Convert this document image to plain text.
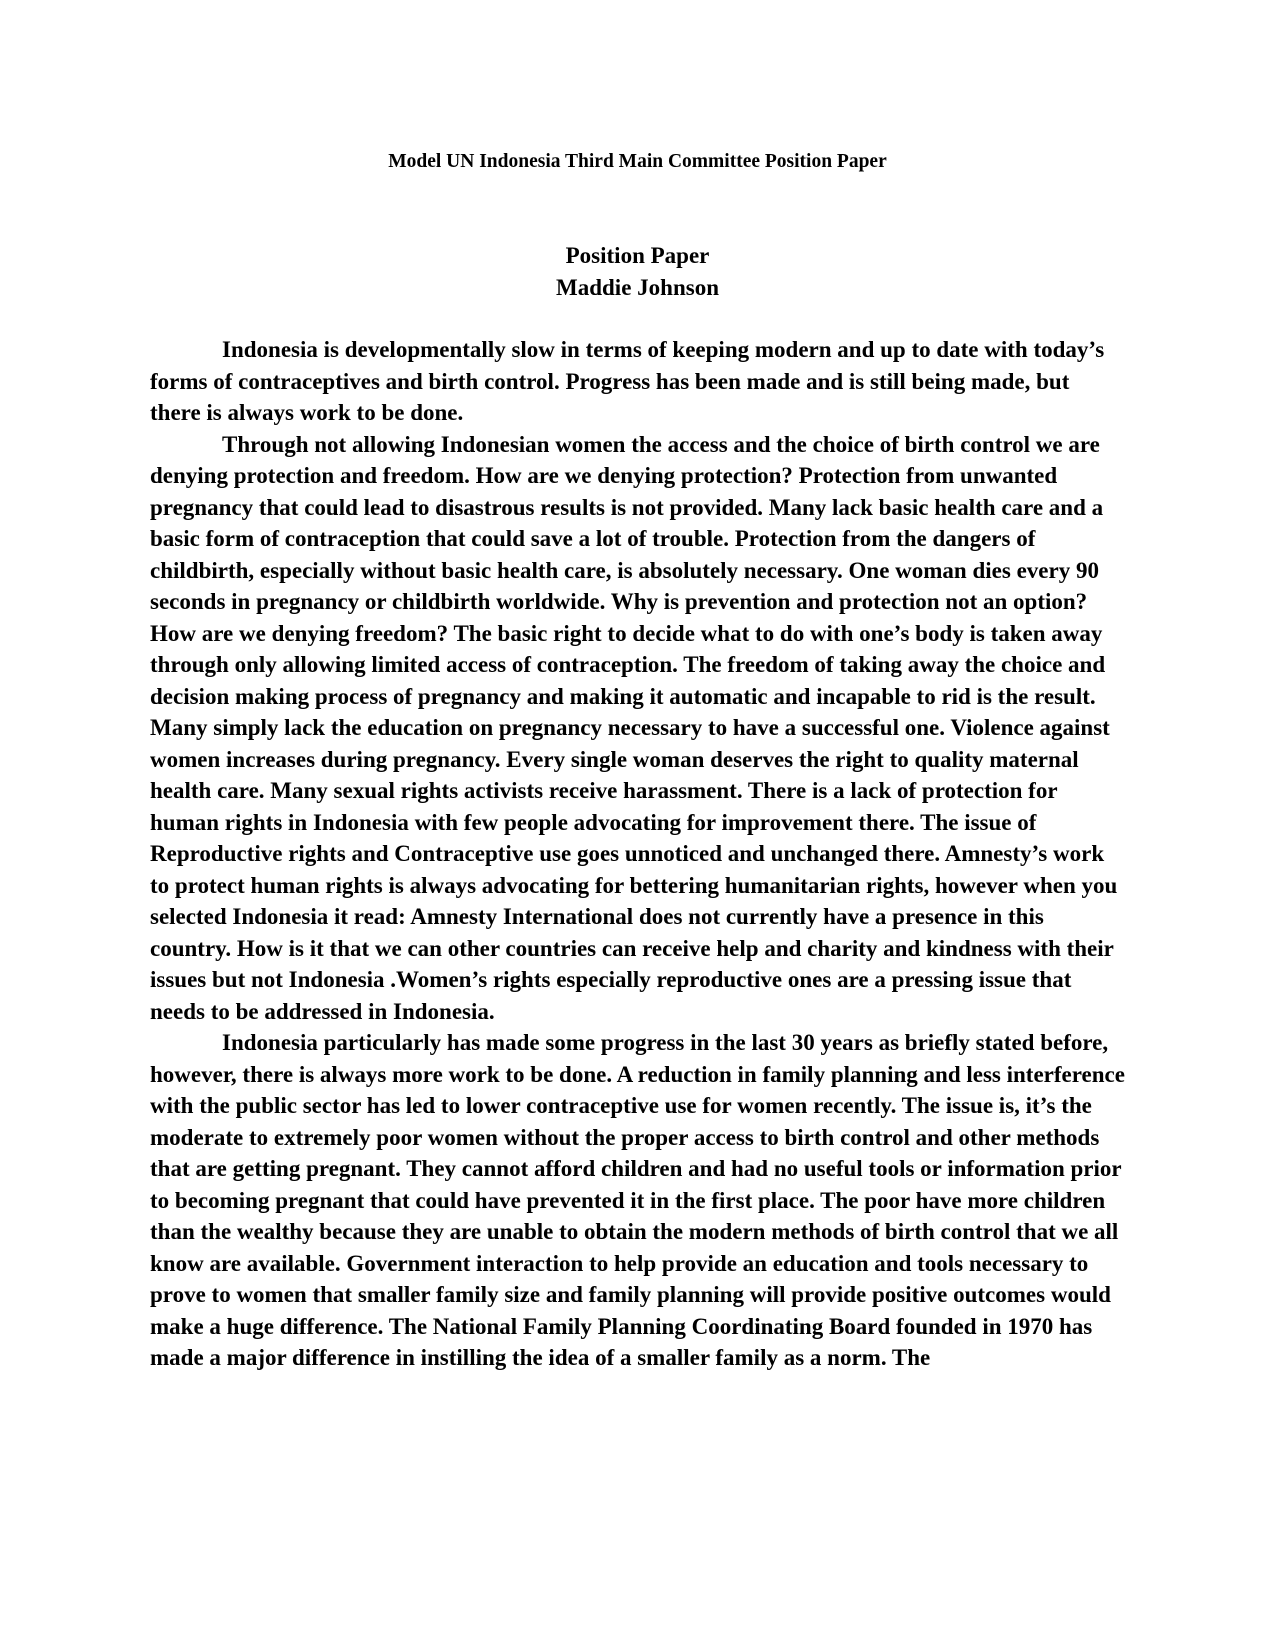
Model UN Indonesia Third Main Committee Position Paper
Position Paper
Maddie Johnson

Indonesia is developmentally slow in terms of keeping modern and up to date with today’s forms of contraceptives and birth control. Progress has been made and is still being made, but there is always work to be done.

Through not allowing Indonesian women the access and the choice of birth control we are denying protection and freedom. How are we denying protection? Protection from unwanted pregnancy that could lead to disastrous results is not provided. Many lack basic health care and a basic form of contraception that could save a lot of trouble. Protection from the dangers of childbirth, especially without basic health care, is absolutely necessary. One woman dies every 90 seconds in pregnancy or childbirth worldwide. Why is prevention and protection not an option? How are we denying freedom? The basic right to decide what to do with one’s body is taken away through only allowing limited access of contraception. The freedom of taking away the choice and decision making process of pregnancy and making it automatic and incapable to rid is the result. Many simply lack the education on pregnancy necessary to have a successful one. Violence against women increases during pregnancy. Every single woman deserves the right to quality maternal health care. Many sexual rights activists receive harassment. There is a lack of protection for human rights in Indonesia with few people advocating for improvement there. The issue of Reproductive rights and Contraceptive use goes unnoticed and unchanged there. Amnesty’s work to protect human rights is always advocating for bettering humanitarian rights, however when you selected Indonesia it read: Amnesty International does not currently have a presence in this country. How is it that we can other countries can receive help and charity and kindness with their issues but not Indonesia .Women’s rights especially reproductive ones are a pressing issue that needs to be addressed in Indonesia.

Indonesia particularly has made some progress in the last 30 years as briefly stated before, however, there is always more work to be done. A reduction in family planning and less interference with the public sector has led to lower contraceptive use for women recently. The issue is, it’s the moderate to extremely poor women without the proper access to birth control and other methods that are getting pregnant. They cannot afford children and had no useful tools or information prior to becoming pregnant that could have prevented it in the first place. The poor have more children than the wealthy because they are unable to obtain the modern methods of birth control that we all know are available. Government interaction to help provide an education and tools necessary to prove to women that smaller family size and family planning will provide positive outcomes would make a huge difference. The National Family Planning Coordinating Board founded in 1970 has made a major difference in instilling the idea of a smaller family as a norm. The
